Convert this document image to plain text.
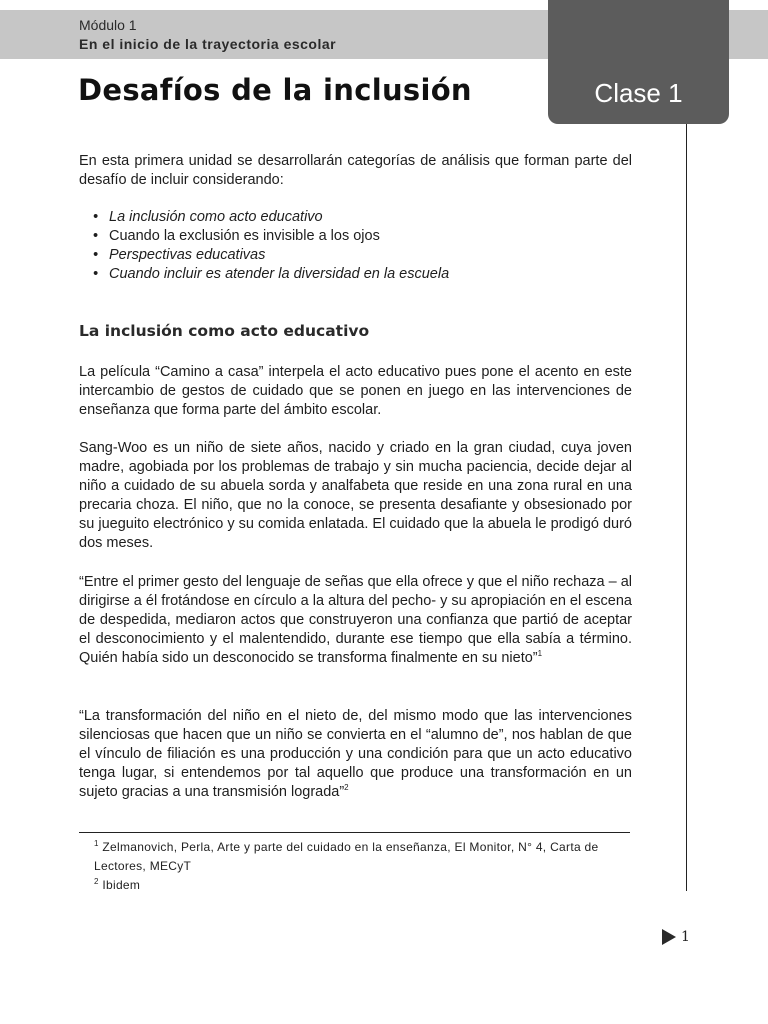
Módulo 1
En el inicio de la trayectoria escolar
Clase 1
Desafíos de la inclusión

En esta primera unidad se desarrollarán categorías de análisis que forman parte del desafío de incluir considerando:

• La inclusión como acto educativo
• Cuando la exclusión es invisible a los ojos
• Perspectivas educativas
• Cuando incluir es atender la diversidad en la escuela
La inclusión como acto educativo

La película “Camino a casa” interpela el acto educativo pues pone el acento en este intercambio de gestos de cuidado que se ponen en juego en las intervenciones de enseñanza que forma parte del ámbito escolar.

Sang-Woo es un niño de siete años, nacido y criado en la gran ciudad, cuya joven madre, agobiada por los problemas de trabajo y sin mucha paciencia, decide dejar al niño a cuidado de su abuela sorda y analfabeta que reside en una zona rural en una precaria choza. El niño, que no la conoce, se presenta desafiante y obsesionado por su jueguito electrónico y su comida enlatada. El cuidado que la abuela le prodigó duró dos meses.

“Entre el primer gesto del lenguaje de señas que ella ofrece y que el niño rechaza – al dirigirse a él frotándose en círculo a la altura del pecho- y su apropiación en el escena de despedida, mediaron actos que construyeron una confianza que partió de aceptar el desconocimiento y el malentendido, durante ese tiempo que ella sabía a término. Quién había sido un desconocido se transforma finalmente en su nieto”$^1$

“La transformación del niño en el nieto de, del mismo modo que las intervenciones silenciosas que hacen que un niño se convierta en el “alumno de”, nos hablan de que el vínculo de filiación es una producción y una condición para que un acto educativo tenga lugar, si entendemos por tal aquello que produce una transformación en un sujeto gracias a una transmisión lograda”$^2$

$^1$ Zelmanovich, Perla, Arte y parte del cuidado en la enseñanza, El Monitor, N° 4, Carta de Lectores, MECyT

$^2$ Ibidem

1
